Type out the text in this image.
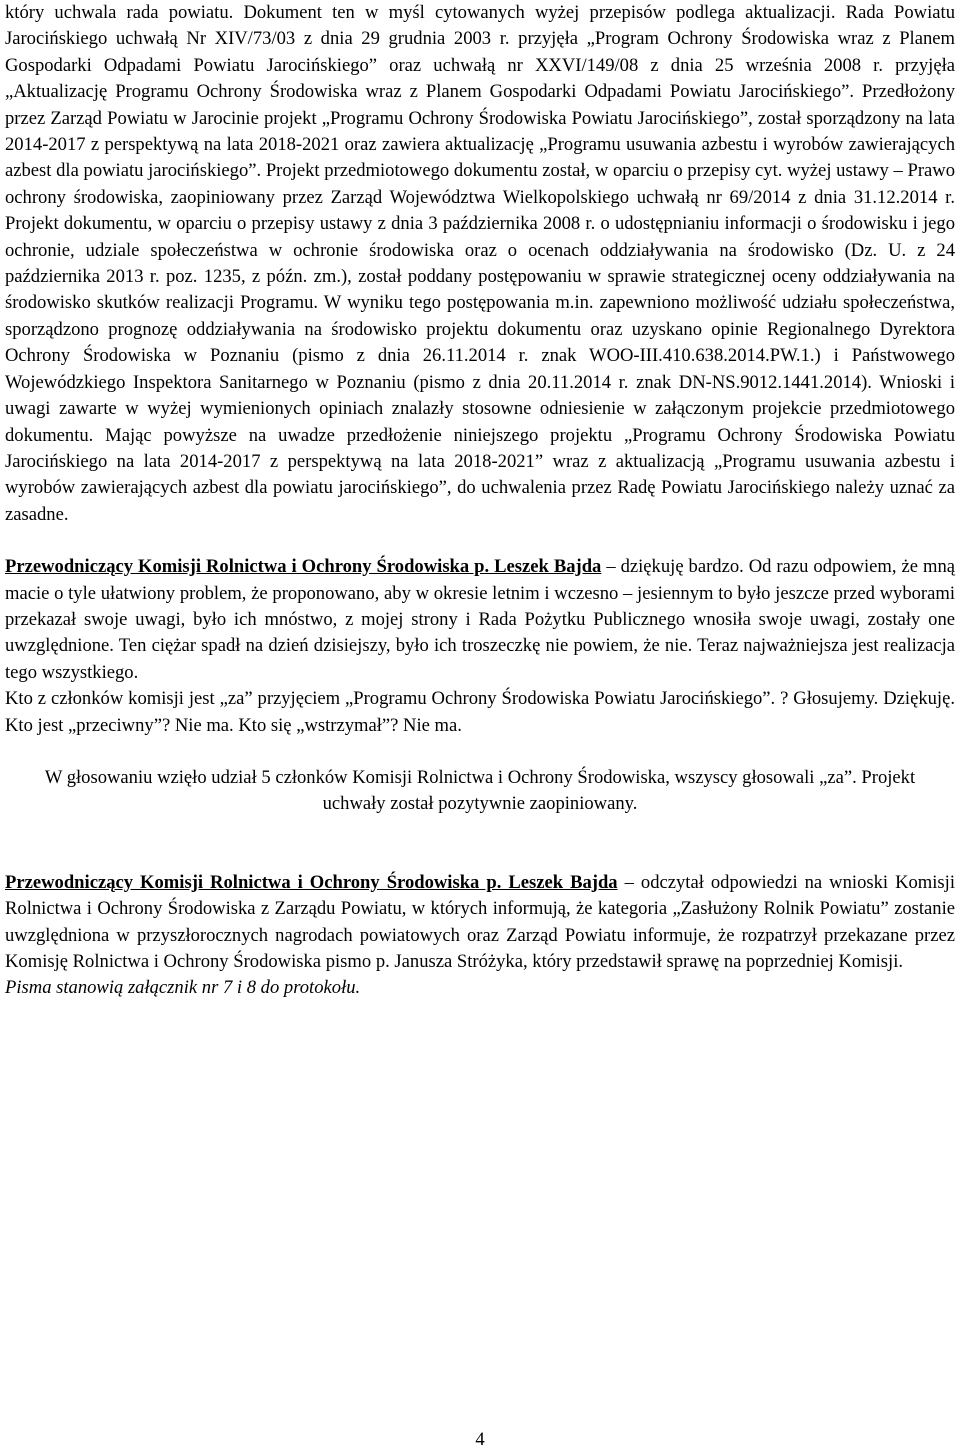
który uchwala rada powiatu. Dokument ten w myśl cytowanych wyżej przepisów podlega aktualizacji. Rada Powiatu Jarocińskiego uchwałą Nr XIV/73/03 z dnia 29 grudnia 2003 r. przyjęła „Program Ochrony Środowiska wraz z Planem Gospodarki Odpadami Powiatu Jarocińskiego” oraz uchwałą nr XXVI/149/08 z dnia 25 września 2008 r. przyjęła „Aktualizację Programu Ochrony Środowiska wraz z Planem Gospodarki Odpadami Powiatu Jarocińskiego”. Przedłożony przez Zarząd Powiatu w Jarocinie projekt „Programu Ochrony Środowiska Powiatu Jarocińskiego”, został sporządzony na lata 2014-2017 z perspektywą na lata 2018-2021 oraz zawiera aktualizację „Programu usuwania azbestu i wyrobów zawierających azbest dla powiatu jarocińskiego”. Projekt przedmiotowego dokumentu został, w oparciu o przepisy cyt. wyżej ustawy – Prawo ochrony środowiska, zaopiniowany przez Zarząd Województwa Wielkopolskiego uchwałą nr 69/2014 z dnia 31.12.2014 r. Projekt dokumentu, w oparciu o przepisy ustawy z dnia 3 października 2008 r. o udostępnianiu informacji o środowisku i jego ochronie, udziale społeczeństwa w ochronie środowiska oraz o ocenach oddziaływania na środowisko (Dz. U. z 24 października 2013 r. poz. 1235, z późn. zm.), został poddany postępowaniu w sprawie strategicznej oceny oddziaływania na środowisko skutków realizacji Programu. W wyniku tego postępowania m.in. zapewniono możliwość udziału społeczeństwa, sporządzono prognozę oddziaływania na środowisko projektu dokumentu oraz uzyskano opinie Regionalnego Dyrektora Ochrony Środowiska w Poznaniu (pismo z dnia 26.11.2014 r. znak WOO-III.410.638.2014.PW.1.) i Państwowego Wojewódzkiego Inspektora Sanitarnego w Poznaniu (pismo z dnia 20.11.2014 r. znak DN-NS.9012.1441.2014). Wnioski i uwagi zawarte w wyżej wymienionych opiniach znalazły stosowne odniesienie w załączonym projekcie przedmiotowego dokumentu. Mając powyższe na uwadze przedłożenie niniejszego projektu „Programu Ochrony Środowiska Powiatu Jarocińskiego na lata 2014-2017 z perspektywą na lata 2018-2021” wraz z aktualizacją „Programu usuwania azbestu i wyrobów zawierających azbest dla powiatu jarocińskiego”, do uchwalenia przez Radę Powiatu Jarocińskiego należy uznać za zasadne.

Przewodniczący Komisji Rolnictwa i Ochrony Środowiska p. Leszek Bajda – dziękuję bardzo. Od razu odpowiem, że mną macie o tyle ułatwiony problem, że proponowano, aby w okresie letnim i wczesno – jesiennym to było jeszcze przed wyborami przekazał swoje uwagi, było ich mnóstwo, z mojej strony i Rada Pożytku Publicznego wnosiła swoje uwagi, zostały one uwzględnione. Ten ciężar spadł na dzień dzisiejszy, było ich troszeczkę nie powiem, że nie. Teraz najważniejsza jest realizacja tego wszystkiego.

Kto z członków komisji jest „za” przyjęciem „Programu Ochrony Środowiska Powiatu Jarocińskiego”. ? Głosujemy. Dziękuję. Kto jest „przeciwny”? Nie ma. Kto się „wstrzymał”? Nie ma.

W głosowaniu wzięło udział 5 członków Komisji Rolnictwa i Ochrony Środowiska, wszyscy głosowali „za”. Projekt uchwały został pozytywnie zaopiniowany.

Przewodniczący Komisji Rolnictwa i Ochrony Środowiska p. Leszek Bajda – odczytał odpowiedzi na wnioski Komisji Rolnictwa i Ochrony Środowiska z Zarządu Powiatu, w których informują, że kategoria „Zasłużony Rolnik Powiatu” zostanie uwzględniona w przyszłorocznych nagrodach powiatowych oraz Zarząd Powiatu informuje, że rozpatrzył przekazane przez Komisję Rolnictwa i Ochrony Środowiska pismo p. Janusza Stróżyka, który przedstawił sprawę na poprzedniej Komisji.

Pisma stanowią załącznik nr 7 i 8 do protokołu.

4
